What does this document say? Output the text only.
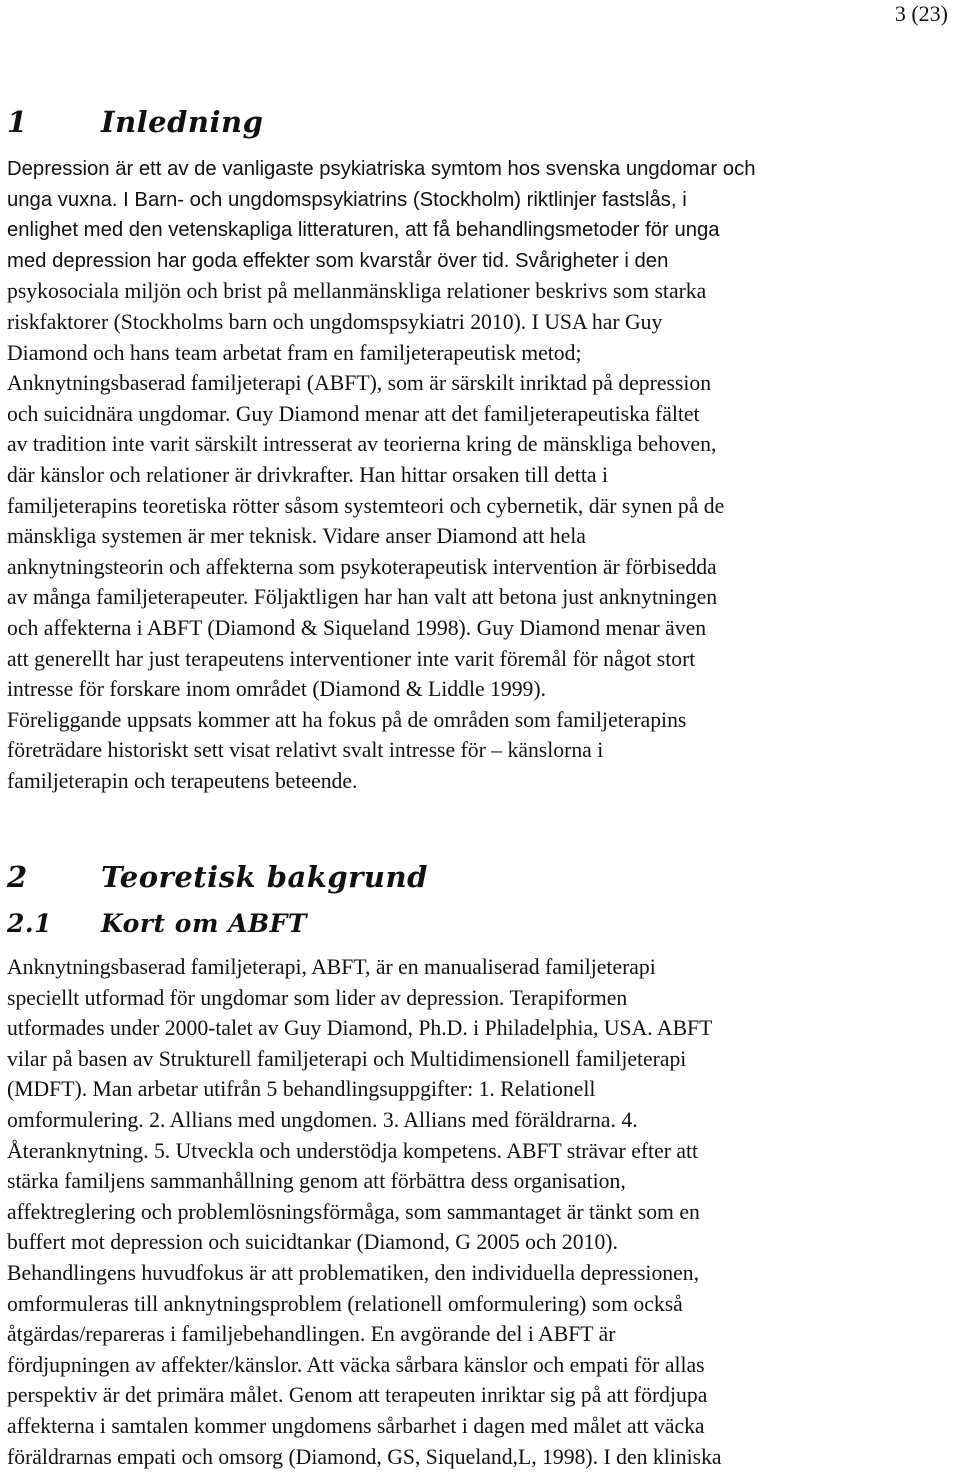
3 (23)
1	Inledning
Depression är ett av de vanligaste psykiatriska symtom hos svenska ungdomar och
unga vuxna. I Barn- och ungdomspsykiatrins (Stockholm) riktlinjer fastslås, i
enlighet med den vetenskapliga litteraturen, att få behandlingsmetoder för unga
med depression har goda effekter som kvarstår över tid. Svårigheter i den
psykosociala miljön och brist på mellanmänskliga relationer beskrivs som starka
riskfaktorer (Stockholms barn och ungdomspsykiatri 2010). I USA har Guy
Diamond och hans team arbetat fram en familjeterapeutisk metod;
Anknytningsbaserad familjeterapi (ABFT), som är särskilt inriktad på depression
och suicidnära ungdomar. Guy Diamond menar att det familjeterapeutiska fältet
av tradition inte varit särskilt intresserat av teorierna kring de mänskliga behoven,
där känslor och relationer är drivkrafter. Han hittar orsaken till detta i
familjeterapins teoretiska rötter såsom systemteori och cybernetik, där synen på de
mänskliga systemen är mer teknisk. Vidare anser Diamond att hela
anknytningsteorin och affekterna som psykoterapeutisk intervention är förbisedda
av många familjeterapeuter. Följaktligen har han valt att betona just anknytningen
och affekterna i ABFT (Diamond & Siqueland 1998). Guy Diamond menar även
att generellt har just terapeutens interventioner inte varit föremål för något stort
intresse för forskare inom området (Diamond & Liddle 1999).
Föreliggande uppsats kommer att ha fokus på de områden som familjeterapins
företrädare historiskt sett visat relativt svalt intresse för – känslorna i
familjeterapin och terapeutens beteende.
2	Teoretisk bakgrund
2.1 Kort om ABFT
Anknytningsbaserad familjeterapi, ABFT, är en manualiserad familjeterapi
speciellt utformad för ungdomar som lider av depression. Terapiformen
utformades under 2000-talet av Guy Diamond, Ph.D. i Philadelphia, USA. ABFT
vilar på basen av Strukturell familjeterapi och Multidimensionell familjeterapi
(MDFT). Man arbetar utifrån 5 behandlingsuppgifter: 1. Relationell
omformulering. 2. Allians med ungdomen. 3. Allians med föräldrarna. 4.
Återanknytning. 5. Utveckla och understödja kompetens. ABFT strävar efter att
stärka familjens sammanhållning genom att förbättra dess organisation,
affektreglering och problemlösningsförmåga, som sammantaget är tänkt som en
buffert mot depression och suicidtankar (Diamond, G 2005 och 2010).
Behandlingens huvudfokus är att problematiken, den individuella depressionen,
omformuleras till anknytningsproblem (relationell omformulering) som också
åtgärdas/repareras i familjebehandlingen. En avgörande del i ABFT är
fördjupningen av affekter/känslor. Att väcka sårbara känslor och empati för allas
perspektiv är det primära målet. Genom att terapeuten inriktar sig på att fördjupa
affekterna i samtalen kommer ungdomens sårbarhet i dagen med målet att väcka
föräldrarnas empati och omsorg (Diamond, GS, Siqueland,L, 1998). I den kliniska
